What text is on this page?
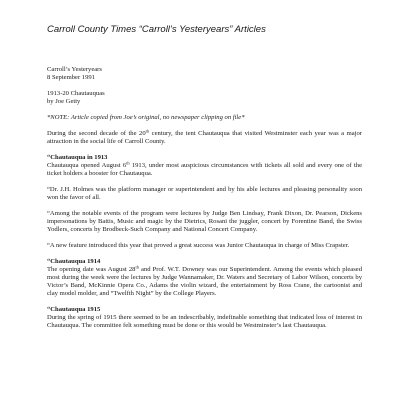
Carroll County Times “Carroll’s Yesteryears” Articles
Carroll’s Yesteryears
8 September 1991
1913-20 Chautauquas
by Joe Getty
*NOTE: Article copied from Joe’s original, no newspaper clipping on file*
During the second decade of the 20th century, the tent Chautauqua that visited Westminster each year was a major attraction in the social life of Carroll County.
“Chautauqua in 1913
Chautauqua opened August 6th 1913, under most auspicious circumstances with tickets all sold and every one of the ticket holders a booster for Chautauqua.
“Dr. J.H. Holmes was the platform manager or superintendent and by his able lectures and pleasing personality soon won the favor of all.
“Among the notable events of the program were lectures by Judge Ben Lindsay, Frank Dixon, Dr. Pearson, Dickens impersonations by Battis, Music and magic by the Dietrics, Rosani the juggler, concert by Forentine Band, the Swiss Yodlers, concerts by Brodbeck-Such Company and National Concert Company.
“A new feature introduced this year that proved a great success was Junior Chautauqua in charge of Miss Crapster.
“Chautauqua 1914
The opening date was August 28th and Prof. W.T. Downey was our Superintendent. Among the events which pleased most during the week were the lectures by Judge Wannamaker, Dr. Waters and Secretary of Labor Wilson, concerts by Victor’s Band, McKinnie Opera Co., Adams the violin wizard, the entertainment by Ross Crane, the cartoonist and clay model molder, and “Twelfth Night” by the College Players.
“Chautauqua 1915
During the spring of 1915 there seemed to be an indescribably, indefinable something that indicated loss of interest in Chautauqua. The committee felt something must be done or this would be Westminster’s last Chautauqua.
